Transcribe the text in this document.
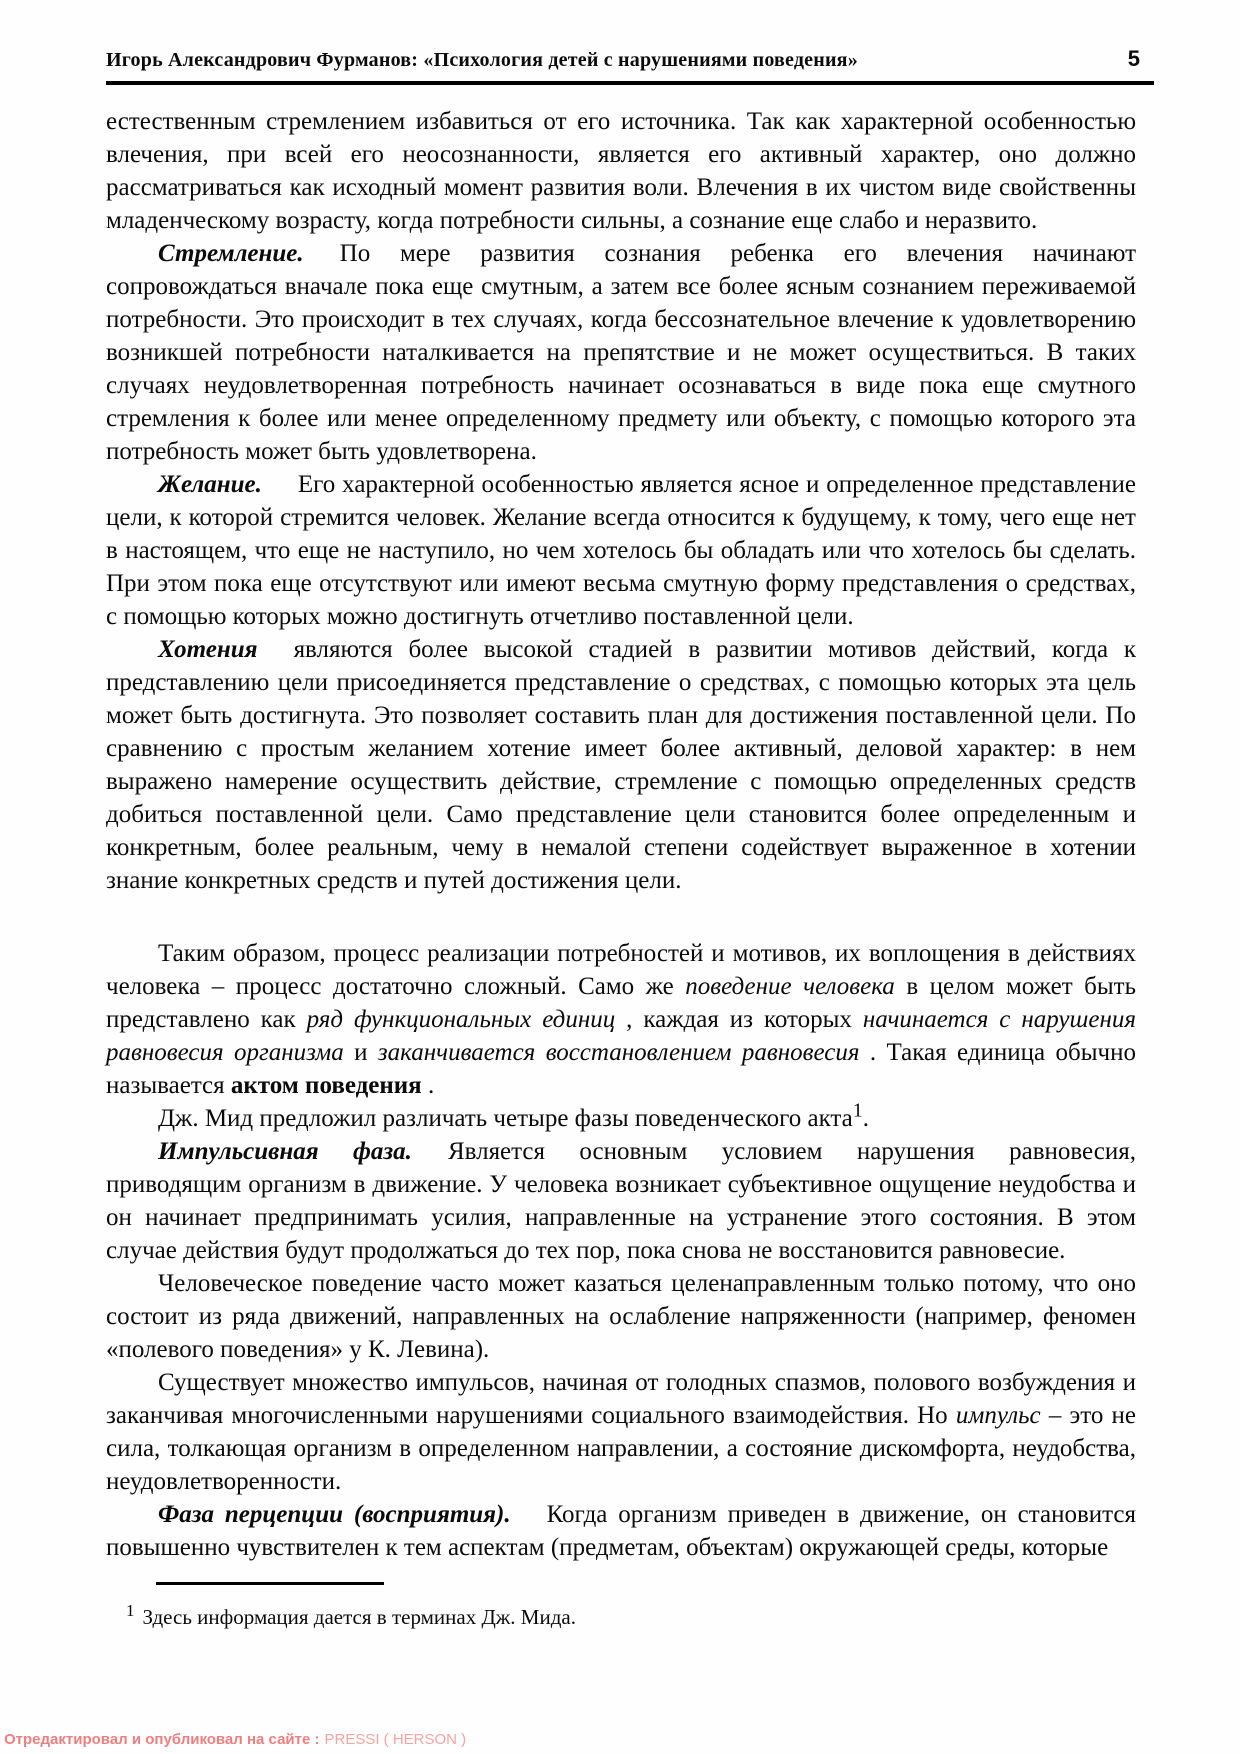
Игорь Александрович Фурманов: «Психология детей с нарушениями поведения»	5

естественным стремлением избавиться от его источника. Так как характерной особенностью влечения, при всей его неосознанности, является его активный характер, оно должно рассматриваться как исходный момент развития воли. Влечения в их чистом виде свойственны младенческому возрасту, когда потребности сильны, а сознание еще слабо и неразвито.

Стремление. По мере развития сознания ребенка его влечения начинают сопровождаться вначале пока еще смутным, а затем все более ясным сознанием переживаемой потребности. Это происходит в тех случаях, когда бессознательное влечение к удовлетворению возникшей потребности наталкивается на препятствие и не может осуществиться. В таких случаях неудовлетворенная потребность начинает осознаваться в виде пока еще смутного стремления к более или менее определенному предмету или объекту, с помощью которого эта потребность может быть удовлетворена.

Желание. Его характерной особенностью является ясное и определенное представление цели, к которой стремится человек. Желание всегда относится к будущему, к тому, чего еще нет в настоящем, что еще не наступило, но чем хотелось бы обладать или что хотелось бы сделать. При этом пока еще отсутствуют или имеют весьма смутную форму представления о средствах, с помощью которых можно достигнуть отчетливо поставленной цели.

Хотения являются более высокой стадией в развитии мотивов действий, когда к представлению цели присоединяется представление о средствах, с помощью которых эта цель может быть достигнута. Это позволяет составить план для достижения поставленной цели. По сравнению с простым желанием хотение имеет более активный, деловой характер: в нем выражено намерение осуществить действие, стремление с помощью определенных средств добиться поставленной цели. Само представление цели становится более определенным и конкретным, более реальным, чему в немалой степени содействует выраженное в хотении знание конкретных средств и путей достижения цели.

Таким образом, процесс реализации потребностей и мотивов, их воплощения в действиях человека – процесс достаточно сложный. Само же поведение человека в целом может быть представлено как ряд функциональных единиц , каждая из которых начинается с нарушения равновесия организма и заканчивается восстановлением равновесия . Такая единица обычно называется актом поведения .

Дж. Мид предложил различать четыре фазы поведенческого акта$^1$.

Импульсивная фаза. Является основным условием нарушения равновесия, приводящим организм в движение. У человека возникает субъективное ощущение неудобства и он начинает предпринимать усилия, направленные на устранение этого состояния. В этом случае действия будут продолжаться до тех пор, пока снова не восстановится равновесие.

Человеческое поведение часто может казаться целенаправленным только потому, что оно состоит из ряда движений, направленных на ослабление напряженности (например, феномен «полевого поведения» у К. Левина).

Существует множество импульсов, начиная от голодных спазмов, полового возбуждения и заканчивая многочисленными нарушениями социального взаимодействия. Но импульс – это не сила, толкающая организм в определенном направлении, а состояние дискомфорта, неудобства, неудовлетворенности.

Фаза перцепции (восприятия). Когда организм приведен в движение, он становится повышенно чувствителен к тем аспектам (предметам, объектам) окружающей среды, которые

$^1$ Здесь информация дается в терминах Дж. Мида.
Отредактировал и опубликовал на сайте : PRESSI ( HERSON )
